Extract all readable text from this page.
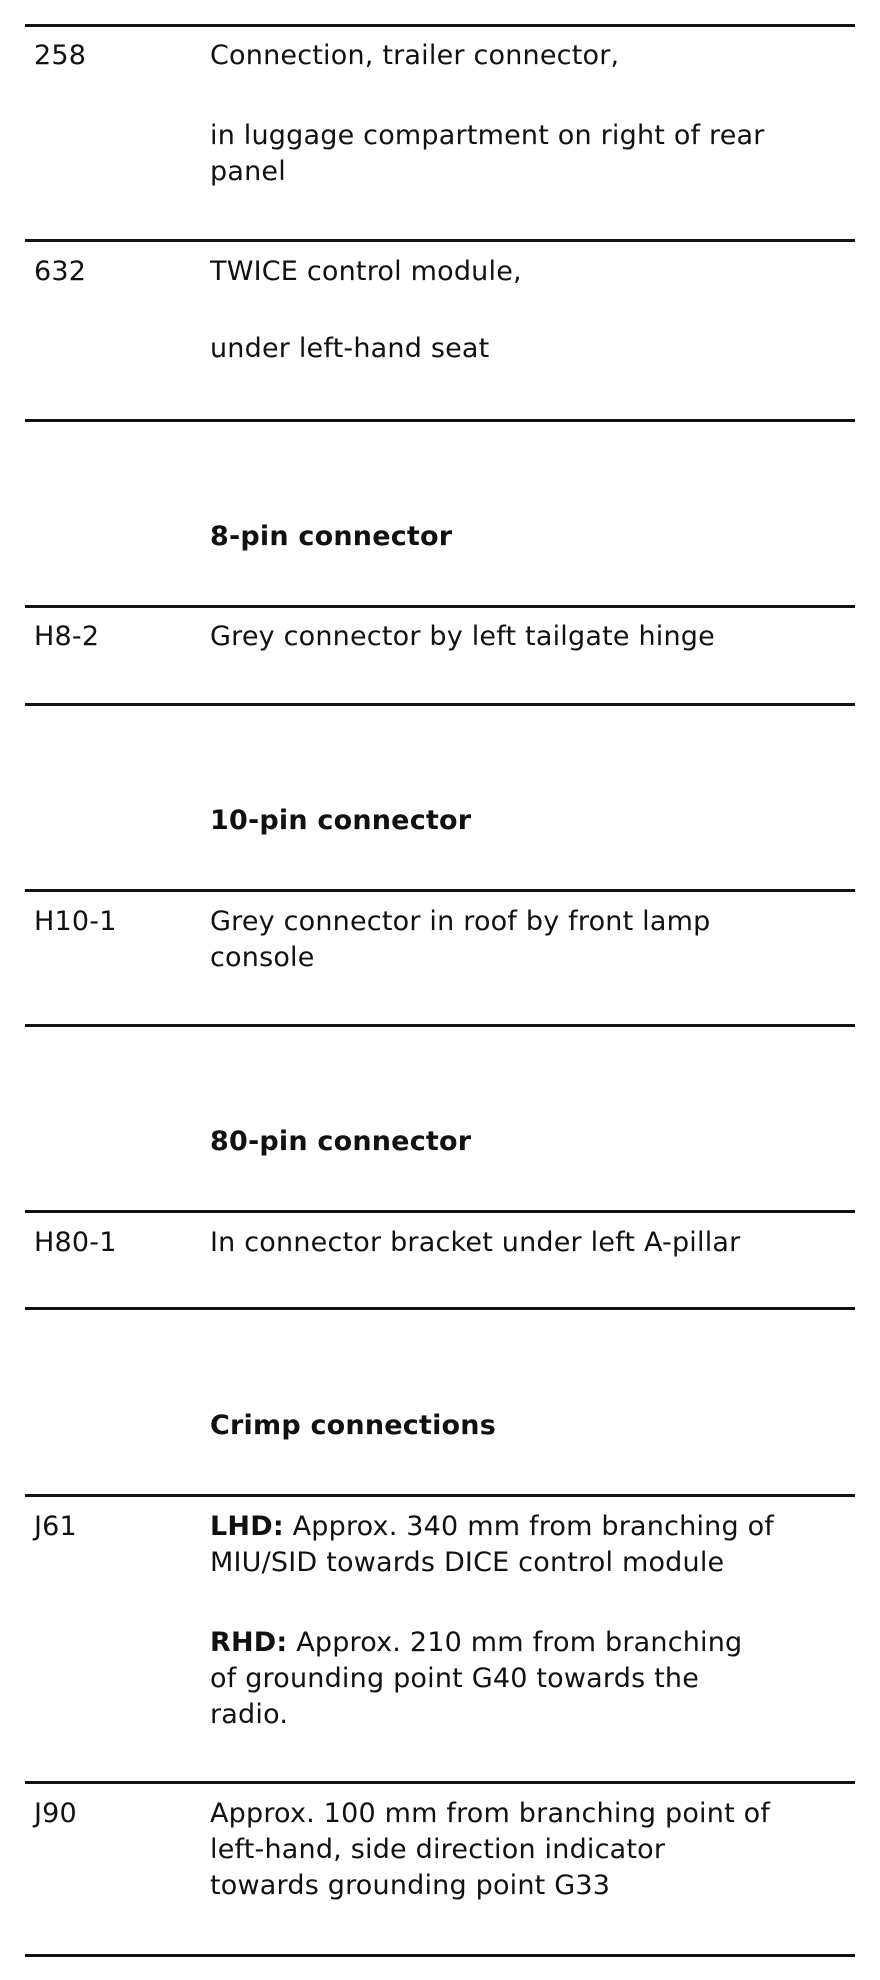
258	Connection, trailer connector,
in luggage compartment on right of rear
panel
632	TWICE control module,
under left-hand seat
8-pin connector
H8-2	Grey connector by left tailgate hinge
10-pin connector
H10-1	Grey connector in roof by front lamp
console
80-pin connector
H80-1	In connector bracket under left A-pillar
Crimp connections
J61	LHD: Approx. 340 mm from branching of
MIU/SID towards DICE control module
RHD: Approx. 210 mm from branching
of grounding point G40 towards the
radio.
J90	Approx. 100 mm from branching point of
left-hand, side direction indicator
towards grounding point G33
